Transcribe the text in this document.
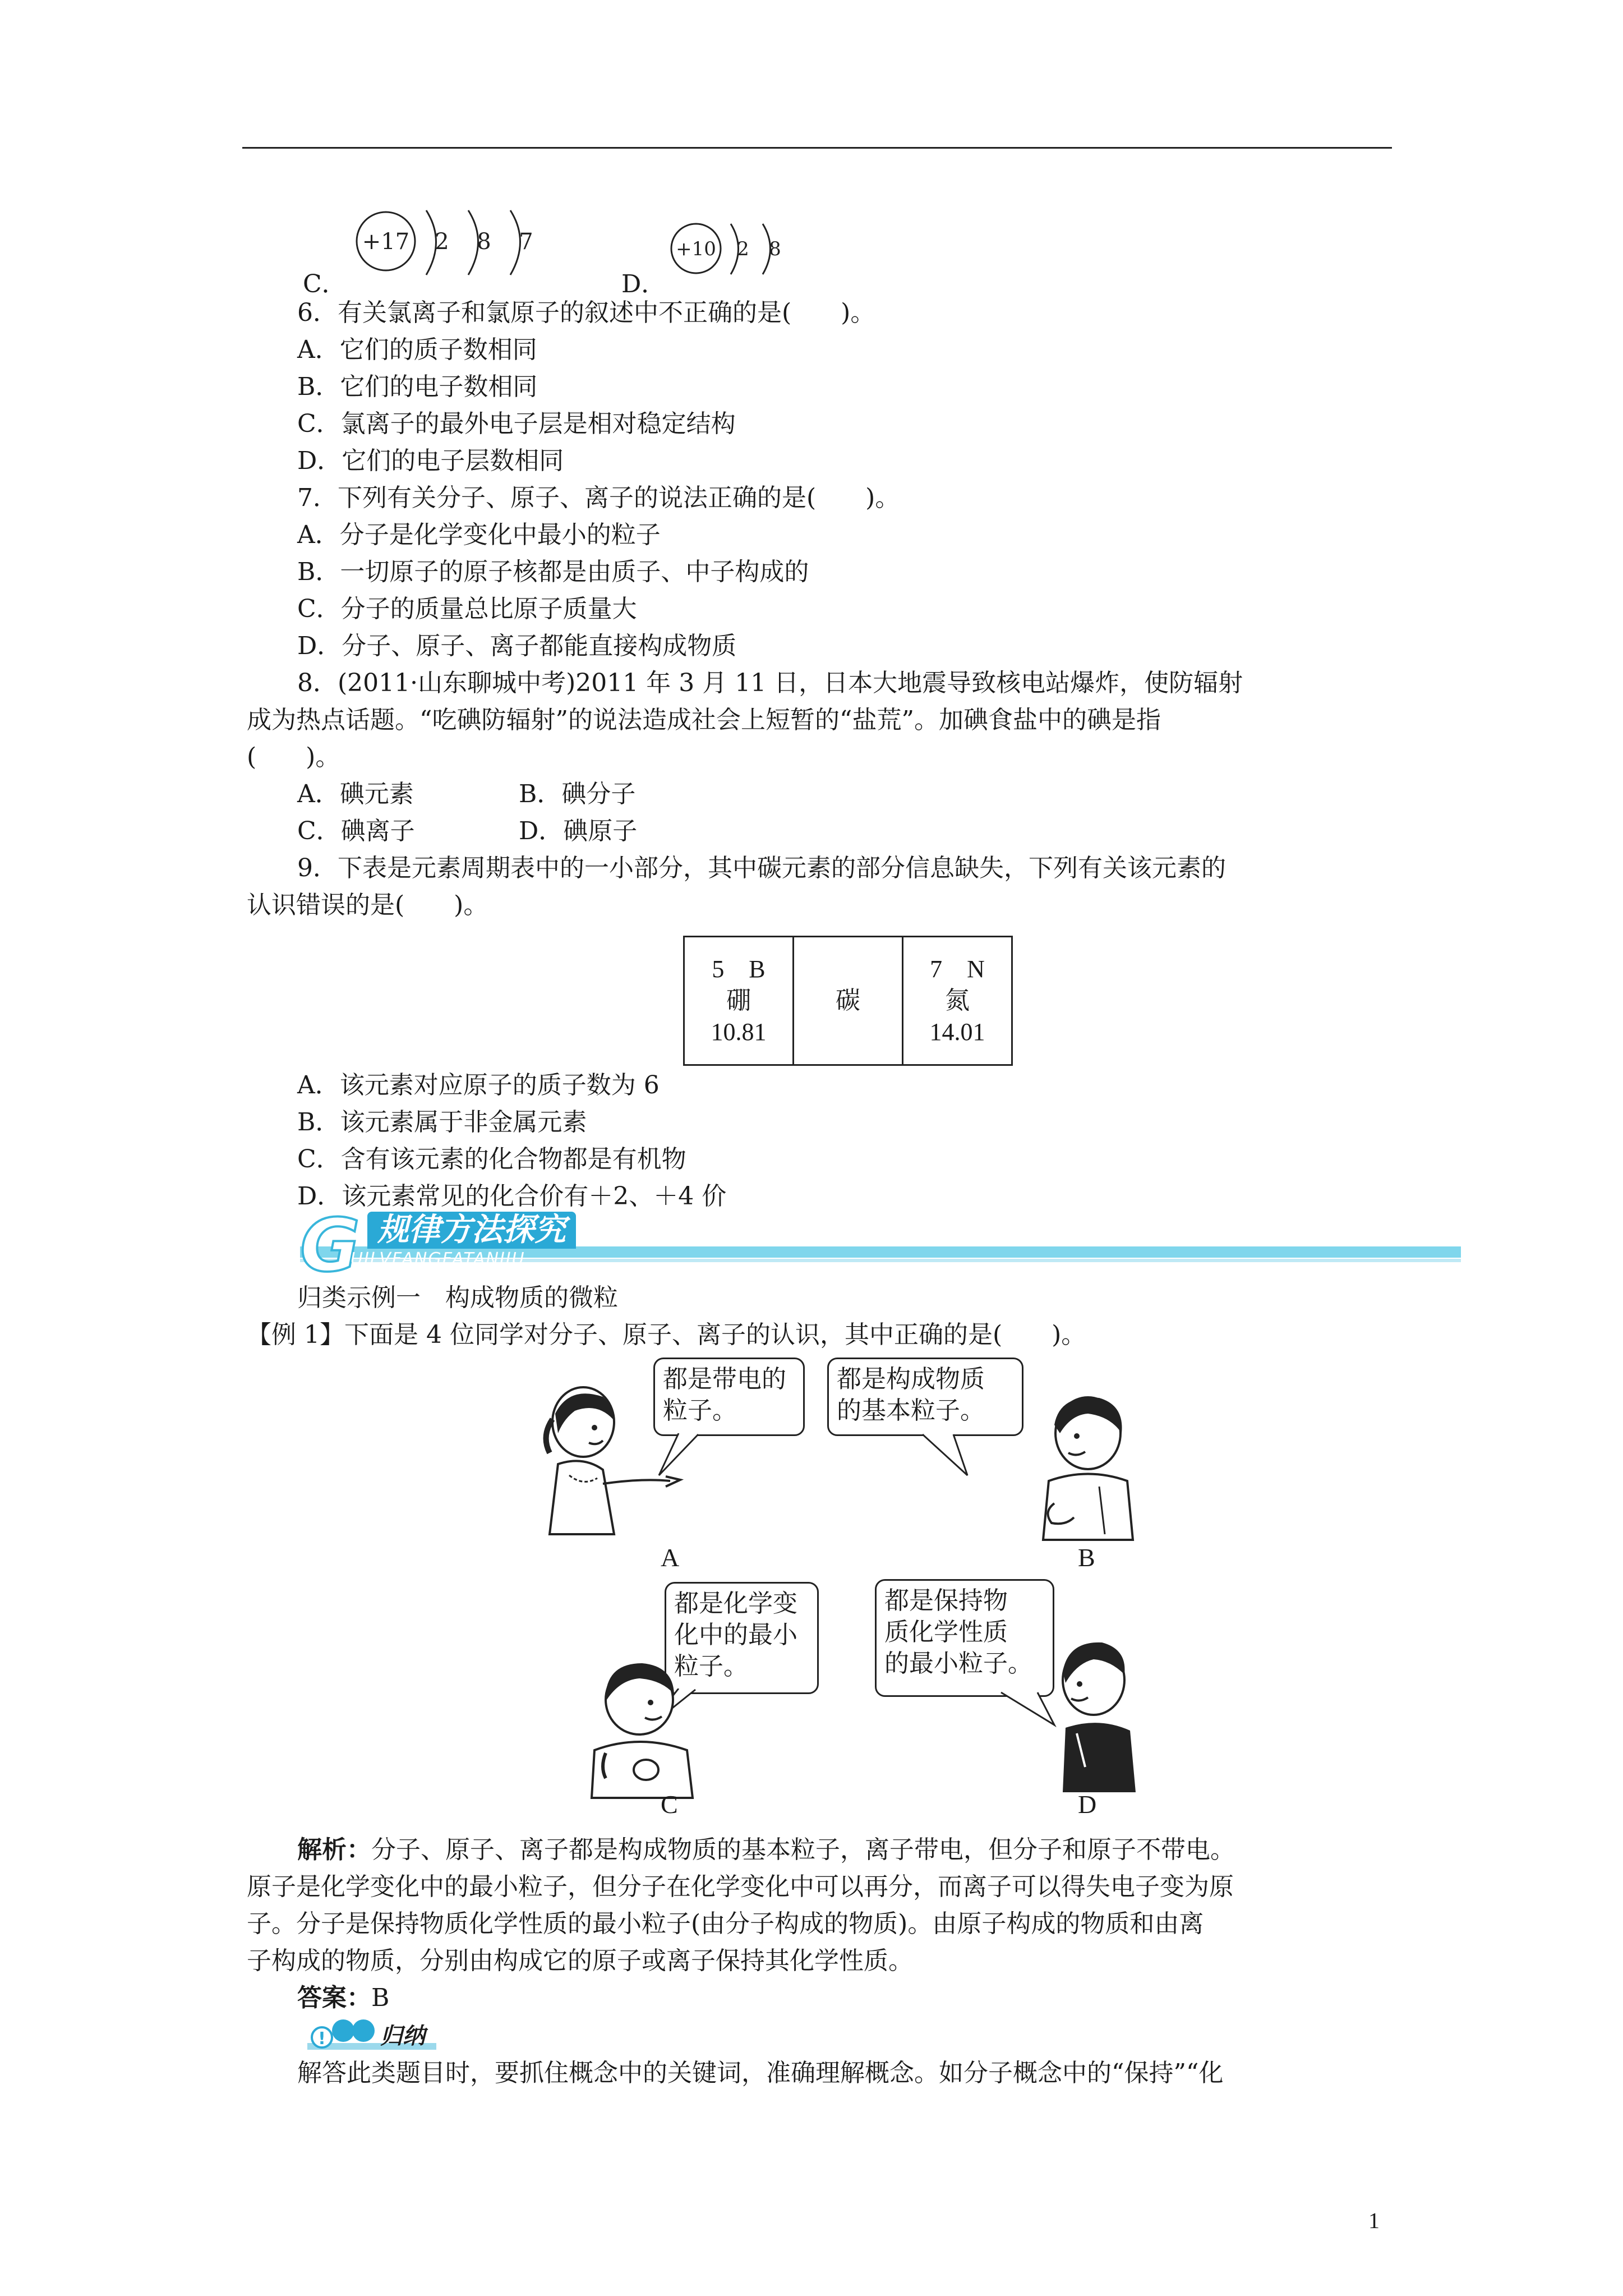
C．
+17 2 8 7
D．
+10 2 8
6．有关氯离子和氯原子的叙述中不正确的是(　　)。
A．它们的质子数相同
B．它们的电子数相同
C．氯离子的最外电子层是相对稳定结构
D．它们的电子层数相同
7．下列有关分子、原子、离子的说法正确的是(　　)。
A．分子是化学变化中最小的粒子
B．一切原子的原子核都是由质子、中子构成的
C．分子的质量总比原子质量大
D．分子、原子、离子都能直接构成物质
8．(2011·山东聊城中考)2011 年 3 月 11 日，日本大地震导致核电站爆炸，使防辐射
成为热点话题。“吃碘防辐射”的说法造成社会上短暂的“盐荒”。加碘食盐中的碘是指
(　　)。
A．碘元素	B．碘分子
C．碘离子	D．碘原子
9．下表是元素周期表中的一小部分，其中碳元素的部分信息缺失，下列有关该元素的
认识错误的是(　　)。
5　B
硼
10.81
碳
7　N
氮
14.01
A．该元素对应原子的质子数为 6
B．该元素属于非金属元素
C．含有该元素的化合物都是有机物
D．该元素常见的化合价有＋2、＋4 价
G 规律方法探究
UILVFANGFATANJIU
归类示例一　构成物质的微粒
【例 1】下面是 4 位同学对分子、原子、离子的认识，其中正确的是(　　)。
都是带电的
粒子。
A
都是构成物质
的基本粒子。
B
都是化学变
化中的最小
粒子。
C
都是保持物
质化学性质
的最小粒子。
D
解析：分子、原子、离子都是构成物质的基本粒子，离子带电，但分子和原子不带电。
原子是化学变化中的最小粒子，但分子在化学变化中可以再分，而离子可以得失电子变为原
子。分子是保持物质化学性质的最小粒子(由分子构成的物质)。由原子构成的物质和由离
子构成的物质，分别由构成它的原子或离子保持其化学性质。
答案：B
! 归纳
解答此类题目时，要抓住概念中的关键词，准确理解概念。如分子概念中的“保持”“化
1
